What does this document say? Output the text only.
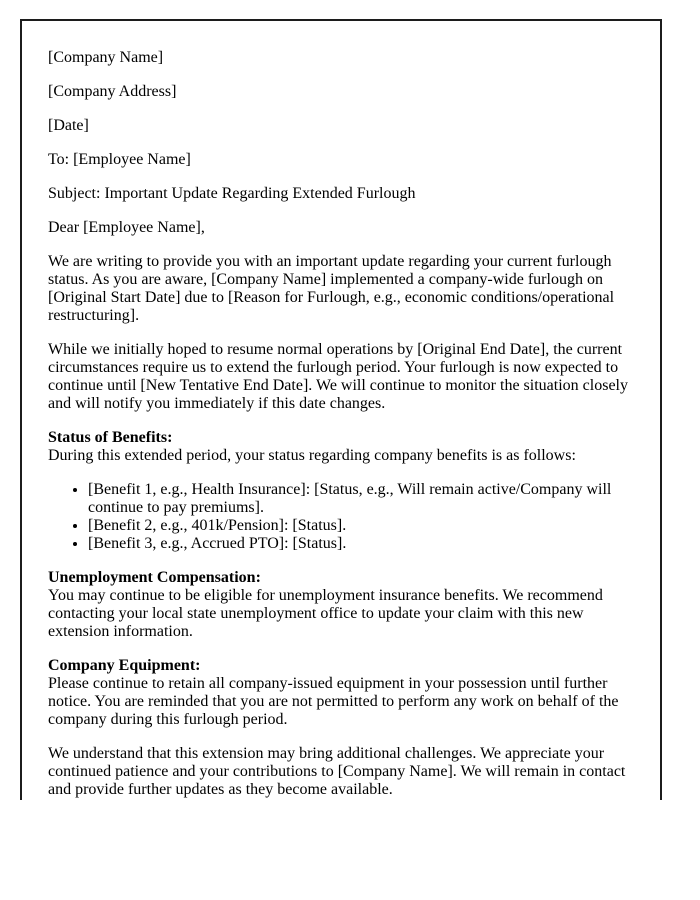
[Company Name]

[Company Address]

[Date]

To: [Employee Name]

Subject: Important Update Regarding Extended Furlough

Dear [Employee Name],

We are writing to provide you with an important update regarding your current furlough status. As you are aware, [Company Name] implemented a company-wide furlough on [Original Start Date] due to [Reason for Furlough, e.g., economic conditions/operational restructuring].

While we initially hoped to resume normal operations by [Original End Date], the current circumstances require us to extend the furlough period. Your furlough is now expected to continue until [New Tentative End Date]. We will continue to monitor the situation closely and will notify you immediately if this date changes.

Status of Benefits:
During this extended period, your status regarding company benefits is as follows:

• [Benefit 1, e.g., Health Insurance]: [Status, e.g., Will remain active/Company will continue to pay premiums].
• [Benefit 2, e.g., 401k/Pension]: [Status].
• [Benefit 3, e.g., Accrued PTO]: [Status].

Unemployment Compensation:
You may continue to be eligible for unemployment insurance benefits. We recommend contacting your local state unemployment office to update your claim with this new extension information.

Company Equipment:
Please continue to retain all company-issued equipment in your possession until further notice. You are reminded that you are not permitted to perform any work on behalf of the company during this furlough period.

We understand that this extension may bring additional challenges. We appreciate your continued patience and your contributions to [Company Name]. We will remain in contact and provide further updates as they become available.
